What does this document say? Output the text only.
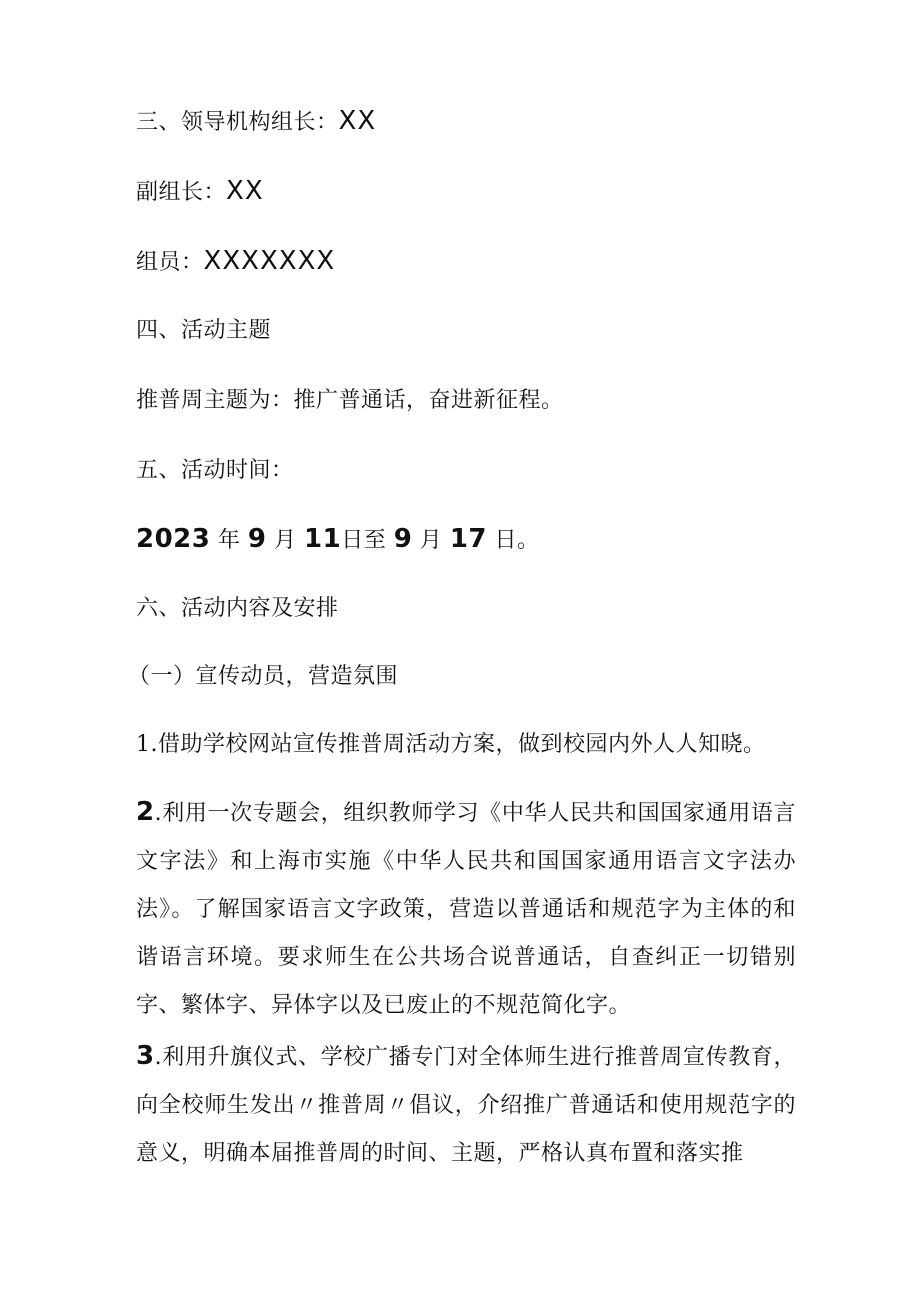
三、领导机构组长：XX
副组长：XX
组员：XXXXXXX
四、活动主题
推普周主题为：推广普通话，奋进新征程。
五、活动时间：
2023 年 9 月 11日至 9 月 17 日。
六、活动内容及安排
（一）宣传动员，营造氛围
1.借助学校网站宣传推普周活动方案，做到校园内外人人知晓。
2.利用一次专题会，组织教师学习《中华人民共和国国家通用语言文字法》和上海市实施《中华人民共和国国家通用语言文字法办法》。了解国家语言文字政策，营造以普通话和规范字为主体的和谐语言环境。要求师生在公共场合说普通话，自查纠正一切错别字、繁体字、异体字以及已废止的不规范简化字。
3.利用升旗仪式、学校广播专门对全体师生进行推普周宣传教育，向全校师生发出〃推普周〃倡议，介绍推广普通话和使用规范字的意义，明确本届推普周的时间、主题，严格认真布置和落实推
